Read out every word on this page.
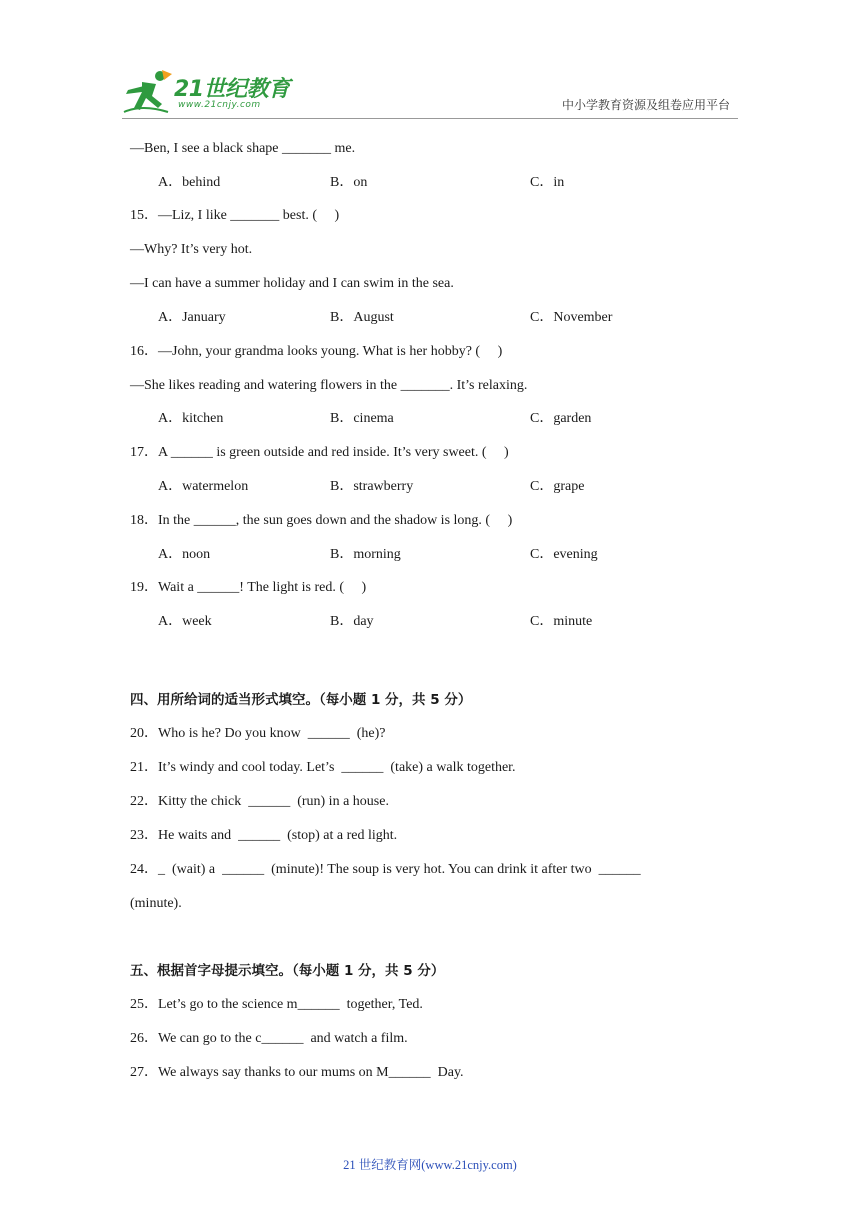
21世纪教育
www.21cnjy.com	中小学教育资源及组卷应用平台
—Ben, I see a black shape _______ me.
15．—Liz, I like _______ best. (     )
—Why? It’s very hot.
—I can have a summer holiday and I can swim in the sea.
16．—John, your grandma looks young. What is her hobby? (     )
—She likes reading and watering flowers in the _______. It’s relaxing.
17．A ______ is green outside and red inside. It’s very sweet. (     )
18．In the ______, the sun goes down and the shadow is long. (     )
19．Wait a ______! The light is red. (     )
A．behind	B．on	C．in
A．January	B．August	C．November
A．kitchen	B．cinema	C．garden
A．watermelon	B．strawberry	C．grape
A．noon	B．morning	C．evening
A．week	B．day	C．minute
四、用所给词的适当形式填空。（每小题 1 分，共 5 分）
20．Who is he? Do you know  ______  (he)?
21．It’s windy and cool today. Let’s  ______  (take) a walk together.
22．Kitty the chick  ______  (run) in a house.
23．He waits and  ______  (stop) at a red light.
24．_  (wait) a  ______  (minute)! The soup is very hot. You can drink it after two  ______
(minute).
五、根据首字母提示填空。（每小题 1 分，共 5 分）
25．Let’s go to the science m______  together, Ted.
26．We can go to the c______  and watch a film.
27．We always say thanks to our mums on M______  Day.
21 世纪教育网(www.21cnjy.com)
